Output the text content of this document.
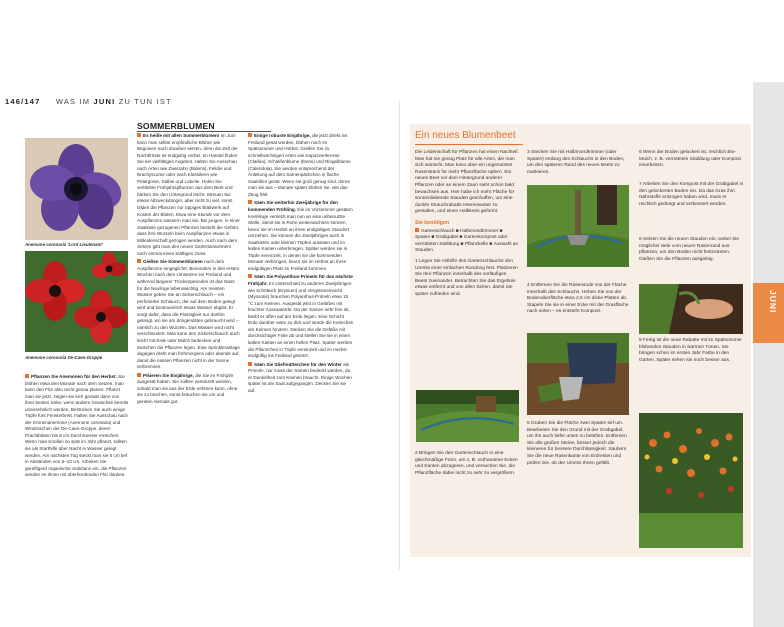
146/147 WAS IM JUNI ZU TUN IST
JUNI
Anemone coronaria 'Lord Lieutenant'
Anemone coronaria De-Caen-Gruppe

Pflanzen Sie Anemonen für den Herbst. Sie blühen etwa drei Monate nach dem Setzen, man kann den Flor also recht genau planen. Pflanzt man sie jetzt, zeigen sie sich gerade dann von ihrer besten Seite, wenn andere Gewächse bereits unansehnlich werden. Bestücken Sie auch einige Töpfe fürs Fensterbrett. Halten Sie Ausschau nach der Kronenanemone (Anemone coronaria) und Windröschen der De-Caen-Gruppe, deren Prachtblüten bis 8 cm Durchmesser erreichen. Wenn man Knollen so spät im Jahr pflanzt, sollten sie als Starthilfe über Nacht in Wasser gelegt werden. Am nächsten Tag steckt man sie 5 cm tief in Abständen von 8–10 cm. Arbeiten Sie gereiftgerd organische Substanz ein, die Pflanzen werden es Ihnen mit überbordenden Flor danken.

SOMMERBLUMEN

Es heiße mit allen Sommerblumen! Im Juni kann man selbst empfindliche Blüher wie Begonien nach draußen setzen, denn die Zeit der Nachtfröste ist endgültig vorbei. Im Handel finden Sie ein vielfältiges Angebot. Halten Sie Ausschau nach Arten wie Zweizahn (Bidens), Felidie und Brachyscome oder nach Klassikern wie Pelargonie, Salbei und Lobelie. Holen Sie verblühte Frühjahrspflanzen aus dem Beet und harken Sie den Untergrund leicht. Streuen Sie etwas Allzweckdünger, aber nicht zu viel, sonst bilden die Pflanzen nur üppiges Blattwerk auf Kosten der Blüten. Etwa eine Stunde vor dem Auspflanzen wässern man sie. Bei jungen, in einer Saatkiste gezogenen Pflanzen besteht die Gefahr, dass ihre Wurzeln beim Auspflanzen etwas in Mitleidenschaft gezogen werden. Auch nach dem Setzen gibt man den neuen Gartenbewohnern noch einmal einen kräftigen Guss.

Gießen Sie Sommerblumen nach dem Auspflanzen eingeglichtt. Besonders in den ersten Wochen nach dem Umsetzen ins Freiland und während längerer Trockenperioden ist das Nass für die Neulinge lebenswichtig. Am meisten Wasser geben Sie an Sickerschlauch – ein perforierter Schlauch, der auf dem Boden gelegt wird und kontinuierlich etwas Wasser abgibt. Er sorgt dafür, dass die Flüssigkeit nur dorthin gelangt, wo sie am dringendsten gebraucht wird – nämlich zu den Wurzeln. Das Wasser wird nicht verschleudert. Man kann den Sickerschlauch auch leicht mit Erde oder Mulch bedecken und zwischen die Pflanzen legen. Eine Sprinkleranlage dagegen dreht man frühmorgens oder abends auf, damit die nassen Pflanzen nicht in der Sonne verbrennen.

Pikieren Sie Einjährige, die Sie im Frühjahr ausgesät haben. Sie sollten vereinzelt werden, sobald man sie aus der Erde nehmen kann, ohne sie zu brechen, sonst kräuchen sie um und geraten niemals gut.

Einige robuste Einjährige, die jetzt direkt ins Freiland gesät werden, blühen noch im Spätsommer und Herbst. Greifen Sie zu schnellwüchsigen Arten wie Kapuzinerkresse (Clarkia), Schleifenblume (Iberis) und Ringelblume (Calendula). Sie werden entsprechend der Anleitung auf dem Samenpäckchen in flache Saatrillen gesät. Wenn sie groß genug sind, dünnt man sie aus – Monate später blühen sie. wie das Zeug hält.

Säen Sie weiterhin Zweijährige für den kommenden Frühling. Die im Vorsommer gesäten Keimlinge versetzt man nun an eine unbenutzte Stelle, damit sie in Ruhe weiterwachsen können, bevor sie im Herbst an ihren endgültigen Standort umziehen. Sie können die Zweijährigen auch in Saatkisten oder kleinen Töpfen aussäen und im kalten Kasten unterbringen. Später werden sie in Töpfe vereinzelt, in denen sie die kommenden Monate verbringen, bevor sie im Herbst an ihren endgültigen Platz im Freiland kommen.

Säen Sie Polyanthus-Primeln für das nächste Frühjahr. Im Unterschied zu anderen Zweijährigen wie Schöteich (Erysium) und Vergissmeinnicht (Myosotis) brauchen Polyanthus-Primeln etwa 15 °C zum Keimen. Ausgesät wird in Gefäßen mit feuchter Aussaaterde. Da der Samen sehr fein ist, bleibt er offen auf der Erde liegen. Eine Schicht Erde darüber wäre zu dick und würde die Keimchen am Keimen hindern. Decken Sie die Gefäße mit durchsichtiger Folie ab und stellen Sie sie in einen kalten Kasten an einen hellen Platz. Später werden die Pflanzchen in Töpfe vereinzelt und im Herbst endgültig ins Freiland gesetzt.

Säen Sie Stiefmütterchen für den Winter als Primeln, nur muss der Samen bedeckt werden, da er Dunkelheit zum Keimen braucht. Einige Wochen später ist die Saat aufgegangen. Decken Sie sie auf.

Ein neues Blumenbeet

Die Leidenschaft für Pflanzen hat einen Nachteil: Man hat nie genug Platz für alle Arten, die man sich wünscht. Man kann aber ein ungenutztes Rasenstück für mehr Pflanzfläche opfern. Ein neues Beet vor dem Hintergrund anderer Pflanzen oder an einem Zaun sieht schon bald bewachsen aus. Hier habe ich mehr Fläche für sonnenliebende Stauden geschaffen, um eine dunkle Strauchrabatte interessanter zu gestalten, und einen Halbkreis geformt.

Sie benötigen

Gartenschlauch ■ Halbmondtrimmer ■ Spaten ■ Grabgabel ■ Gartenkompost oder verrotteten Stalldung ■ Pflanzkelle ■ Auswahl an Stauden

1 Legen Sie mithilfe des Gartenschlauchs den Umriss einer einfachen Rundung fest. Platzieren Sie Ihre Pflanzen innerhalb des vorläufigen Beets zueinander. Betrachten Sie das Ergebnis etwas entfernt und von allen Seiten, damit Sie später zufrieden sind.

2 Bringen Sie den Gartenschlauch in eine gleichmäßige Form, um z. B. vorhandene Ecken und Kanten abzugeren, und versuchen Sie, die Pflanzfläche dabei nicht zu sehr zu vergrößern.
3 Stechen Sie mit Halbmondtrimmer (oder Spaten) entlang des Schlauchs in den Boden, um den späteren Rand des neuen Beets zu markieren.
4 Entfernen Sie die Rasensode von der Fläche innerhalb des Schlauchs. Heben Sie von der Bodenoberfläche etwa 2,5 cm dicke Platten ab. Stapeln Sie sie in einer Ecke mit der Grasfläche nach unten – es entsteht Kompost.
5 Graben Sie die Fläche zwei Spaten tief um. Bearbeiten Sie den Grund mit der Grabgabel, um ihn auch tiefer unten zu belüften. Entfernen Sie alle großen Steine, besser jedoch die kleineren für bessere Durchlässigkeit. Säubern Sie die neue Rasenkante von Erdresten und prüfen Sie, ob der Umriss Ihnen gefällt.
6 Wenn der Boden gelockert ist, reichlich Bio-Mulch, z. B. verrotteten Stalldung oder Kompost, einarbeiten.
7 Arbeiten Sie den Kompost mit der Grabgabel in den gelockerten Boden ein. Da das Gras ihm Nährstoffe entzogen haben wird, muss er reichlich gedüngt und verbessert werden.
8 Setzen Sie die neuen Stauden ein, wobei Sie möglichst viele vom neuen Rasenrand aus pflanzen, um den Boden nicht festzutreten. Gießen Sie die Pflanzen ausgiebig.
9 Fertig ist die neue Rabatte mit im Spätsommer blühenden Stauden in warmen Tönen. Sie bringen schon im ersten Jahr Farbe in den Garten. Später sehen sie noch besser aus.
